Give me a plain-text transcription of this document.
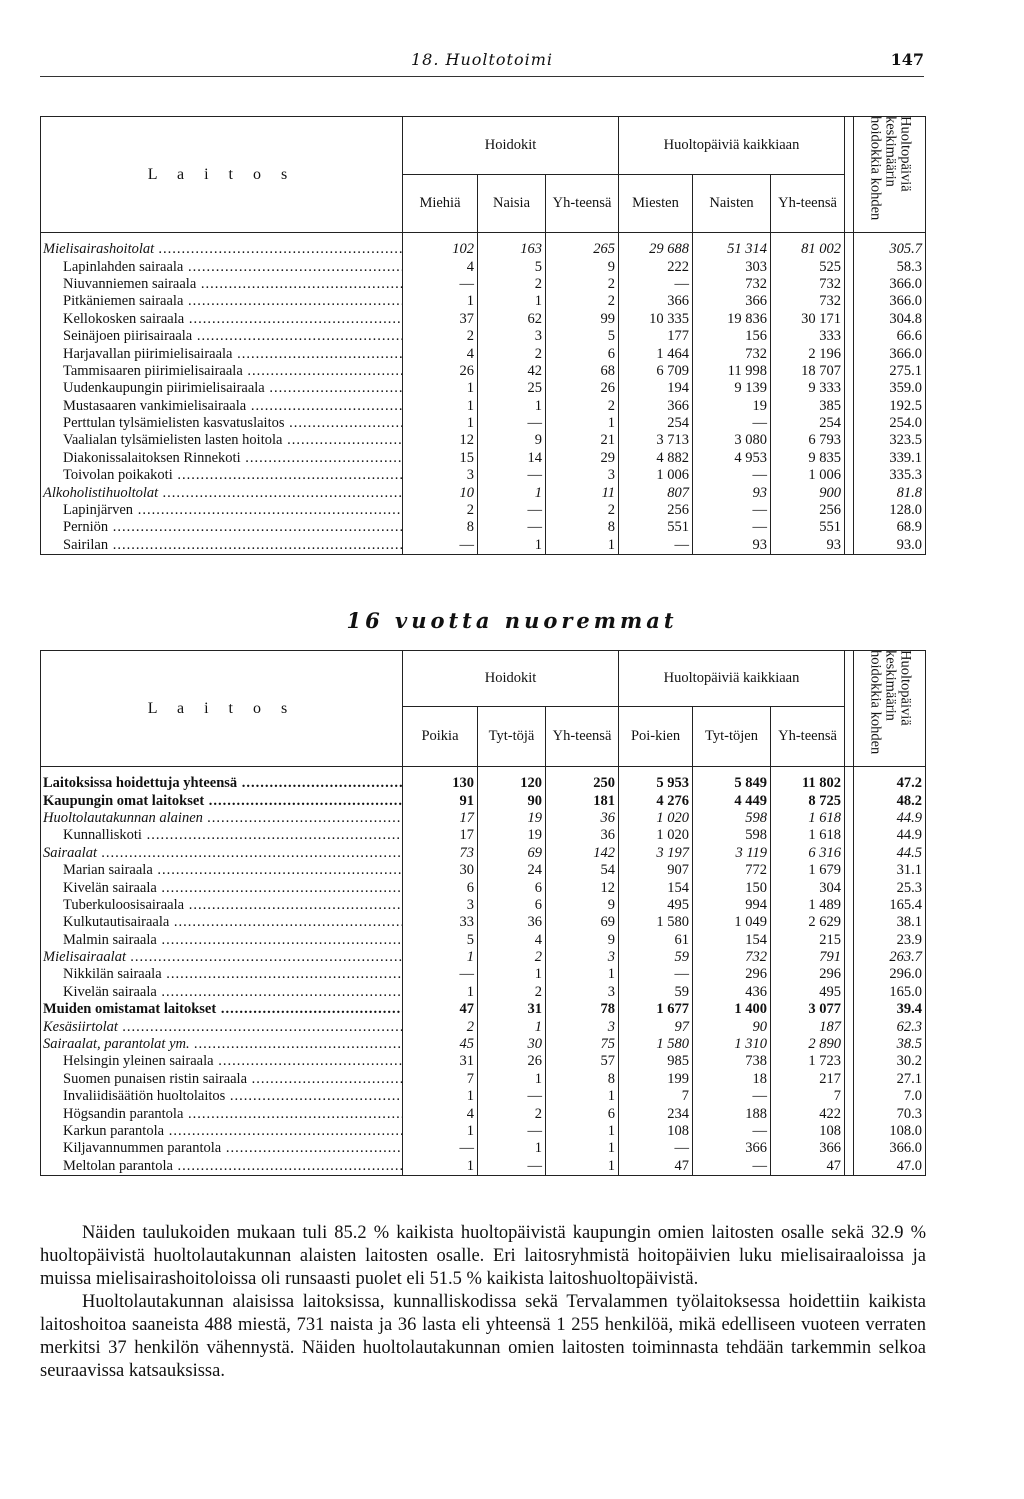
18. Huoltotoimi	147
L a i t o s	Hoidokit			Huoltopäiviä kaikkiaan				Huoltopäiviä keskimäärin hoidokkia kohden

	Miehiä	Naisia	Yh-teensä	Miesten	Naisten	Yh-teensä		
Mielisairashoitolat .....	102	163	265	29 688	51 314	81 002		305.7
Lapinlahden sairaala .....	4	5	9	222	303	525		58.3
Niuvanniemen sairaala .....	—	2	2	—	732	732		366.0
Pitkäniemen sairaala .....	1	1	2	366	366	732		366.0
Kellokosken sairaala .....	37	62	99	10 335	19 836	30 171		304.8
Seinäjoen piirisairaala .....	2	3	5	177	156	333		66.6
Harjavallan piirimielisairaala .....	4	2	6	1 464	732	2 196		366.0
Tammisaaren piirimielisairaala .....	26	42	68	6 709	11 998	18 707		275.1
Uudenkaupungin piirimielisairaala .....	1	25	26	194	9 139	9 333		359.0
Mustasaaren vankimielisairaala .....	1	1	2	366	19	385		192.5
Perttulan tylsämielisten kasvatuslaitos .....	1	—	1	254	—	254		254.0
Vaalialan tylsämielisten lasten hoitola .....	12	9	21	3 713	3 080	6 793		323.5
Diakonissalaitoksen Rinnekoti .....	15	14	29	4 882	4 953	9 835		339.1
Toivolan poikakoti .....	3	—	3	1 006	—	1 006		335.3
Alkoholistihuoltolat .....	10	1	11	807	93	900		81.8
Lapinjärven .....	2	—	2	256	—	256		128.0
Perniön .....	8	—	8	551	—	551		68.9
Sairilan .....	—	1	1	—	93	93		93.0
16 vuotta nuoremmat
L a i t o s	Hoidokit			Huoltopäiviä kaikkiaan				Huoltopäiviä keskimäärin hoidokkia kohden

	Poikia	Tyt-töjä	Yh-teensä	Poi-kien	Tyt-töjen	Yh-teensä		
Laitoksissa hoidettuja yhteensä .....	130	120	250	5 953	5 849	11 802		47.2
Kaupungin omat laitokset .....	91	90	181	4 276	4 449	8 725		48.2
Huoltolautakunnan alainen .....	17	19	36	1 020	598	1 618		44.9
Kunnalliskoti .....	17	19	36	1 020	598	1 618		44.9
Sairaalat .....	73	69	142	3 197	3 119	6 316		44.5
Marian sairaala .....	30	24	54	907	772	1 679		31.1
Kivelän sairaala .....	6	6	12	154	150	304		25.3
Tuberkuloosisairaala .....	3	6	9	495	994	1 489		165.4
Kulkutautisairaala .....	33	36	69	1 580	1 049	2 629		38.1
Malmin sairaala .....	5	4	9	61	154	215		23.9
Mielisairaalat .....	1	2	3	59	732	791		263.7
Nikkilän sairaala .....	—	1	1	—	296	296		296.0
Kivelän sairaala .....	1	2	3	59	436	495		165.0
Muiden omistamat laitokset .....	47	31	78	1 677	1 400	3 077		39.4
Kesäsiirtolat .....	2	1	3	97	90	187		62.3
Sairaalat, parantolat ym. .....	45	30	75	1 580	1 310	2 890		38.5
Helsingin yleinen sairaala .....	31	26	57	985	738	1 723		30.2
Suomen punaisen ristin sairaala .....	7	1	8	199	18	217		27.1
Invaliidisäätiön huoltolaitos .....	1	—	1	7	—	7		7.0
Högsandin parantola .....	4	2	6	234	188	422		70.3
Karkun parantola .....	1	—	1	108	—	108		108.0
Kiljavannummen parantola .....	—	1	1	—	366	366		366.0
Meltolan parantola .....	1	—	1	47	—	47		47.0

Näiden taulukoiden mukaan tuli 85.2 % kaikista huoltopäivistä kaupungin omien laitosten osalle sekä 32.9 % huoltopäivistä huoltolautakunnan alaisten laitosten osalle. Eri laitosryhmistä hoitopäivien luku mielisairaaloissa ja muissa mielisairashoitoloissa oli runsaasti puolet eli 51.5 % kaikista laitoshuoltopäivistä.

Huoltolautakunnan alaisissa laitoksissa, kunnalliskodissa sekä Tervalammen työlaitoksessa hoidettiin kaikista laitoshoitoa saaneista 488 miestä, 731 naista ja 36 lasta eli yhteensä 1 255 henkilöä, mikä edelliseen vuoteen verraten merkitsi 37 henkilön vähennystä. Näiden huoltolautakunnan omien laitosten toiminnasta tehdään tarkemmin selkoa seuraavissa katsauksissa.
